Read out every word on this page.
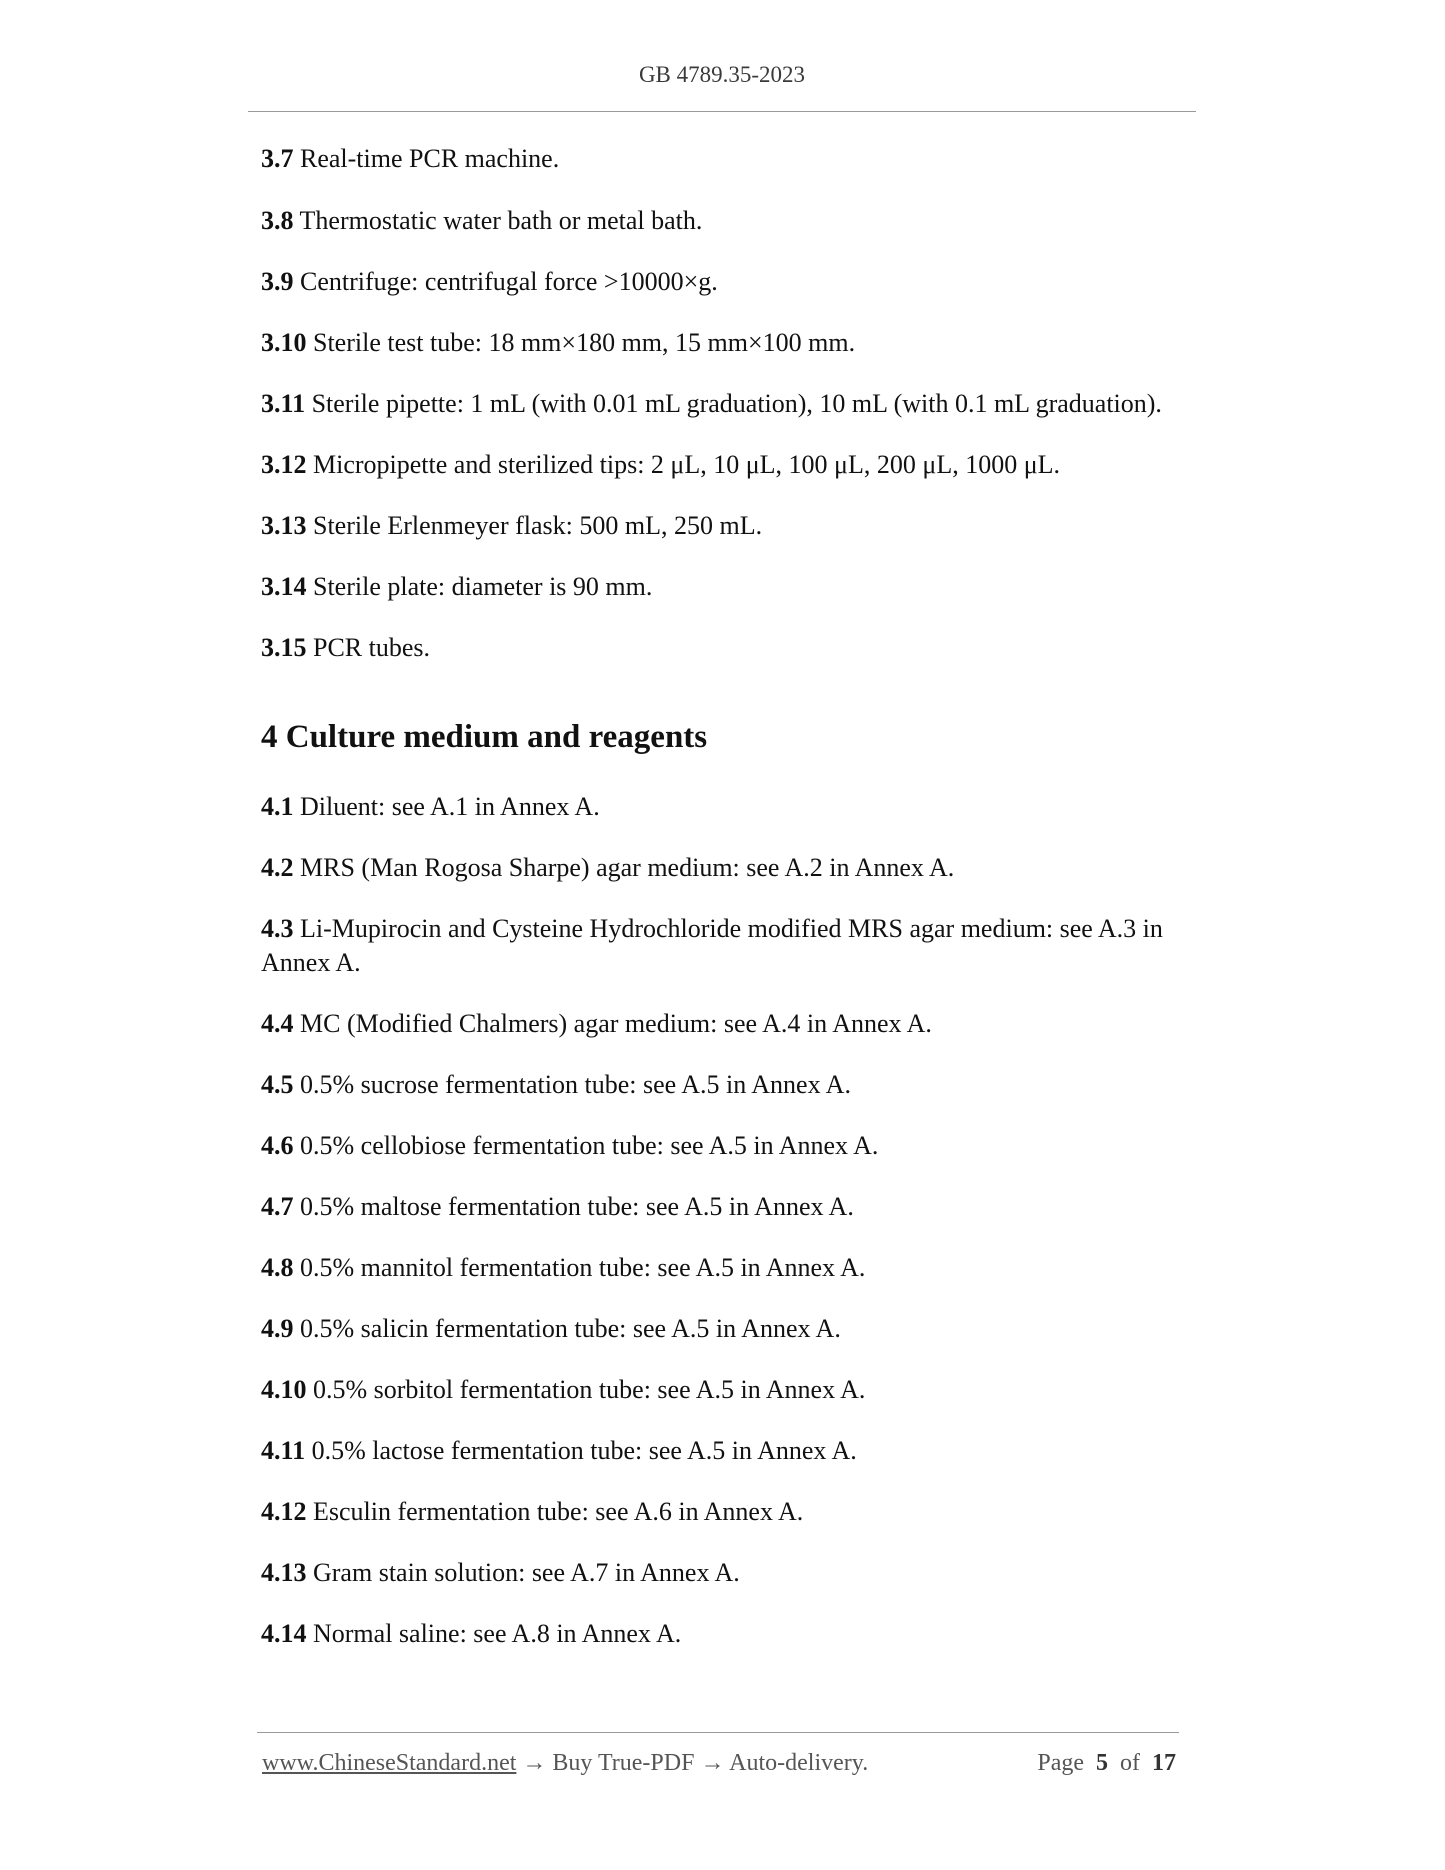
GB 4789.35-2023

3.7 Real-time PCR machine.

3.8 Thermostatic water bath or metal bath.

3.9 Centrifuge: centrifugal force >10000×g.

3.10 Sterile test tube: 18 mm×180 mm, 15 mm×100 mm.

3.11 Sterile pipette: 1 mL (with 0.01 mL graduation), 10 mL (with 0.1 mL graduation).

3.12 Micropipette and sterilized tips: 2 μL, 10 μL, 100 μL, 200 μL, 1000 μL.

3.13 Sterile Erlenmeyer flask: 500 mL, 250 mL.

3.14 Sterile plate: diameter is 90 mm.

3.15 PCR tubes.

4 Culture medium and reagents

4.1 Diluent: see A.1 in Annex A.

4.2 MRS (Man Rogosa Sharpe) agar medium: see A.2 in Annex A.

4.3 Li-Mupirocin and Cysteine Hydrochloride modified MRS agar medium: see A.3 in Annex A.

4.4 MC (Modified Chalmers) agar medium: see A.4 in Annex A.

4.5 0.5% sucrose fermentation tube: see A.5 in Annex A.

4.6 0.5% cellobiose fermentation tube: see A.5 in Annex A.

4.7 0.5% maltose fermentation tube: see A.5 in Annex A.

4.8 0.5% mannitol fermentation tube: see A.5 in Annex A.

4.9 0.5% salicin fermentation tube: see A.5 in Annex A.

4.10 0.5% sorbitol fermentation tube: see A.5 in Annex A.

4.11 0.5% lactose fermentation tube: see A.5 in Annex A.

4.12 Esculin fermentation tube: see A.6 in Annex A.

4.13 Gram stain solution: see A.7 in Annex A.

4.14 Normal saline: see A.8 in Annex A.

www.ChineseStandard.net → Buy True-PDF → Auto-delivery.	Page 5 of 17
